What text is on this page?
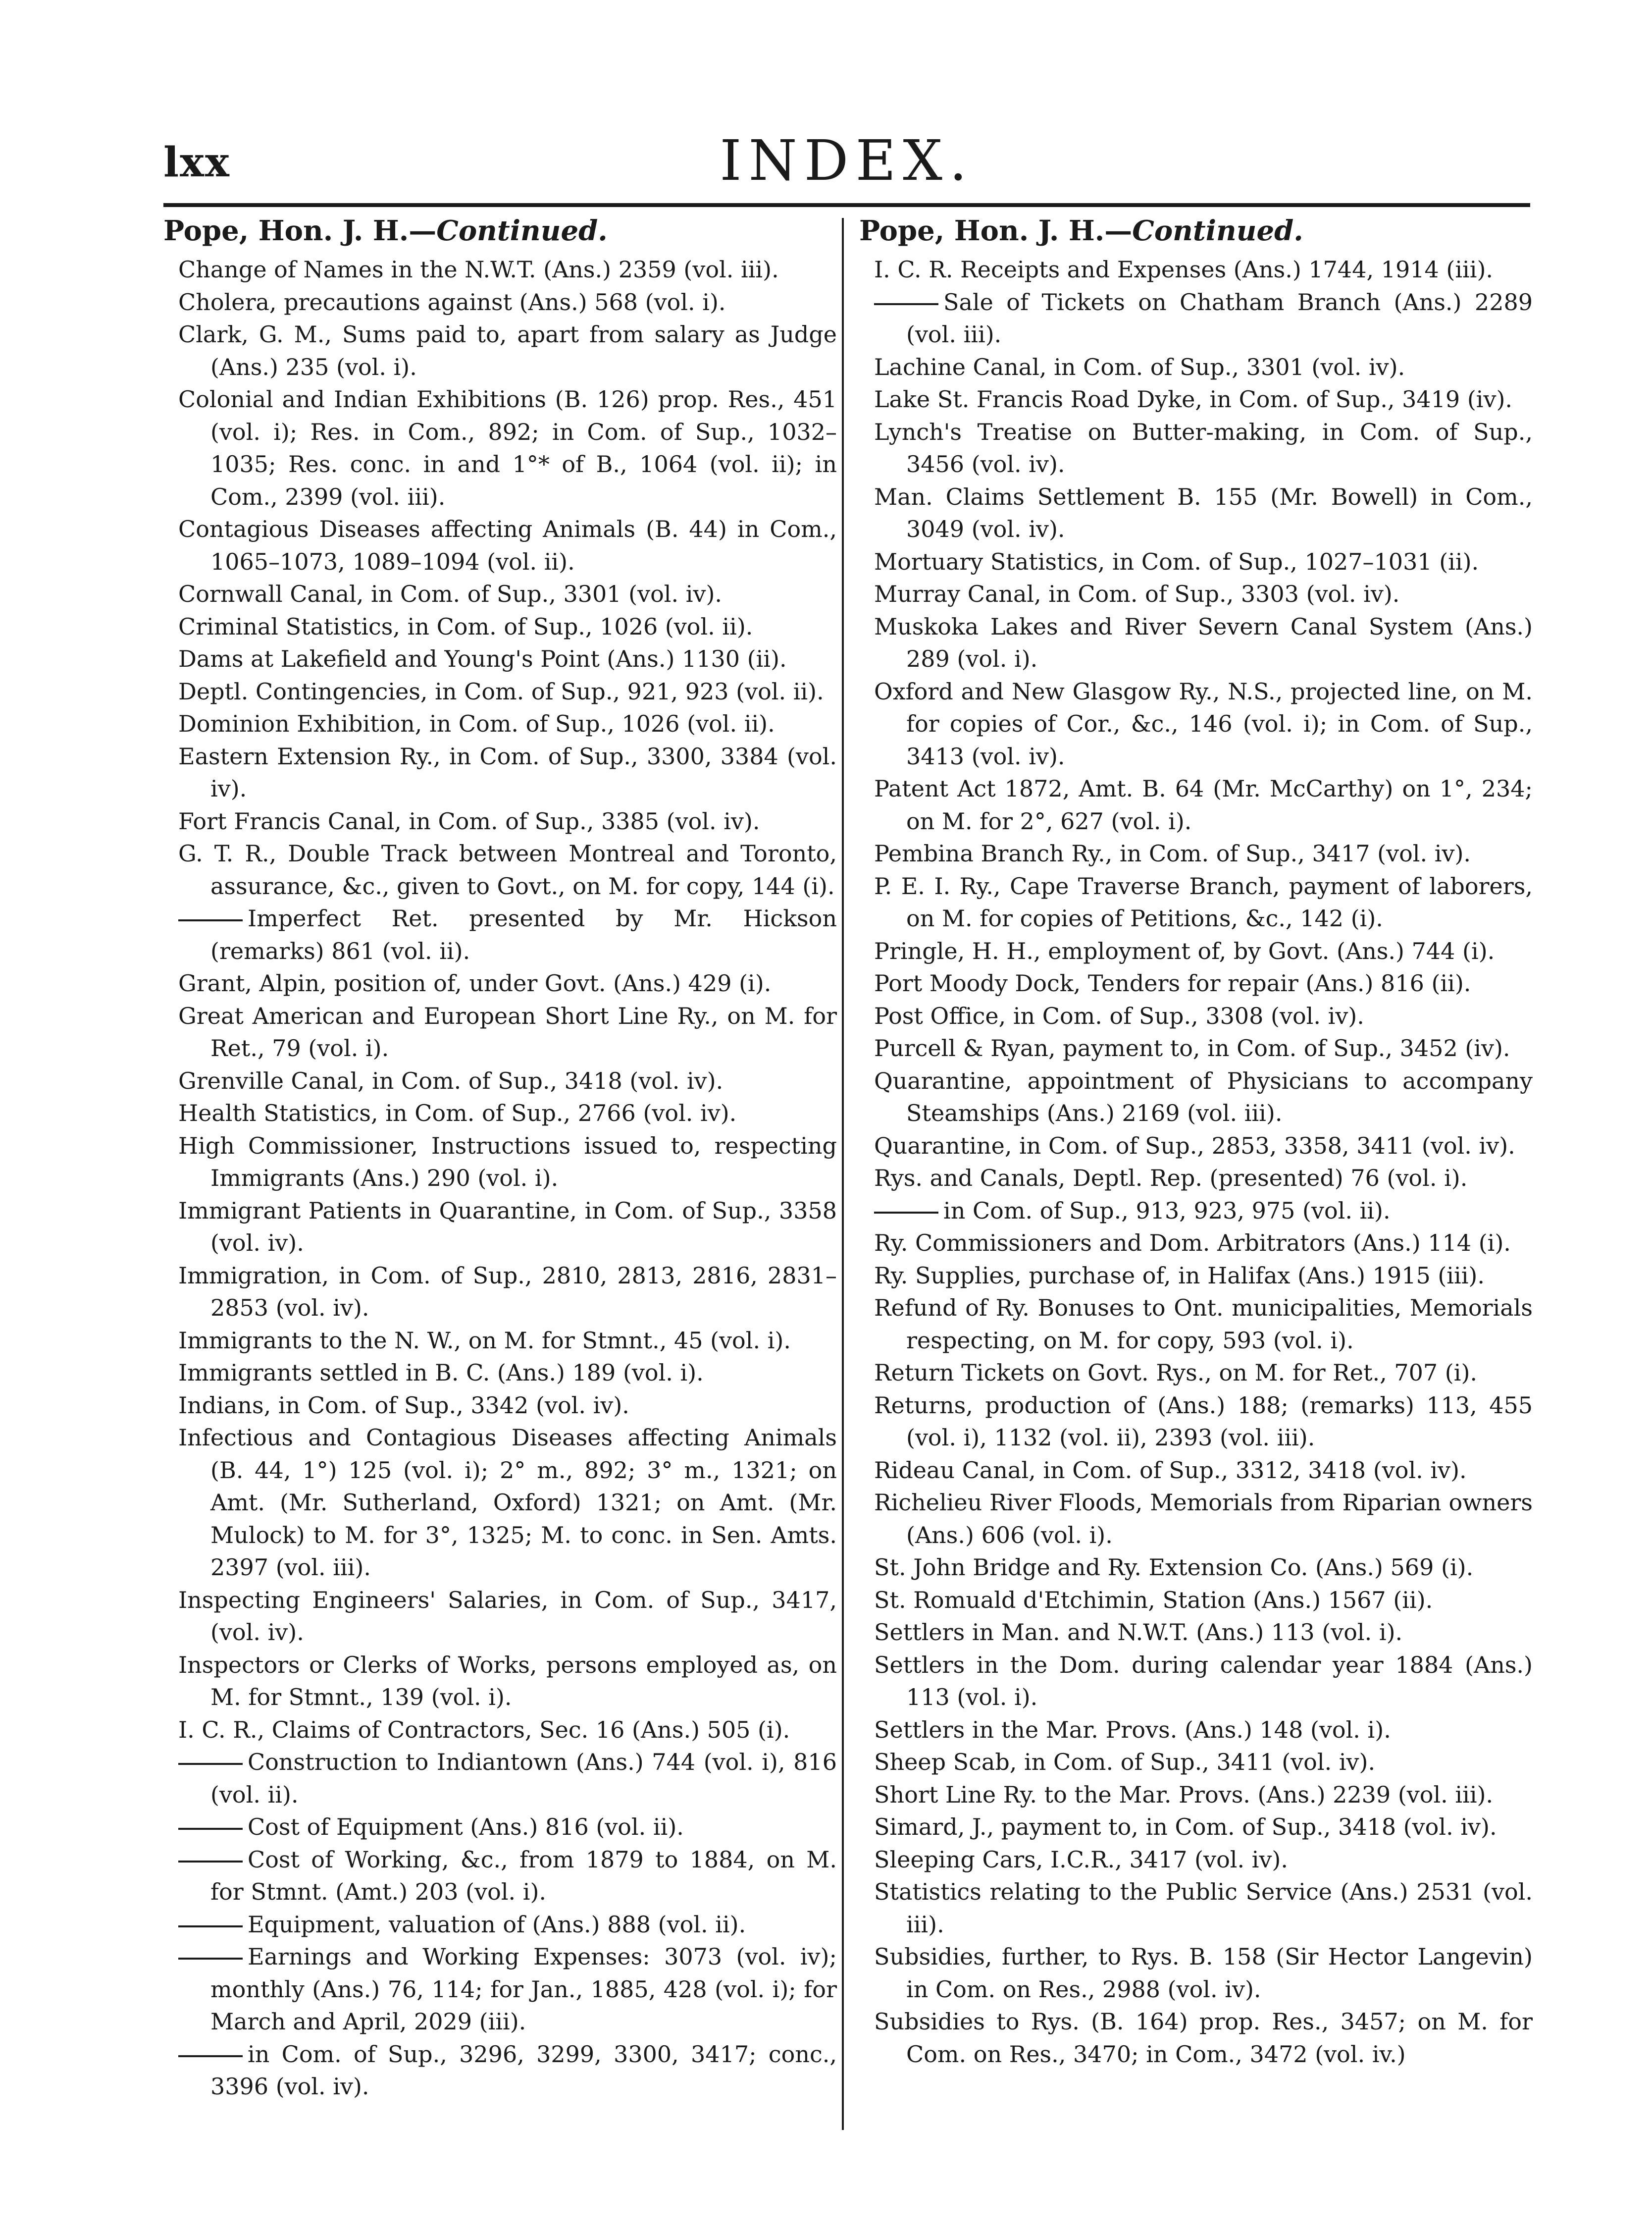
lxx	INDEX.
Pope, Hon. J. H.—Continued.
Change of Names in the N.W.T. (Ans.) 2359 (vol. iii).
Cholera, precautions against (Ans.) 568 (vol. i).
Clark, G. M., Sums paid to, apart from salary as Judge (Ans.) 235 (vol. i).
Colonial and Indian Exhibitions (B. 126) prop. Res., 451 (vol. i); Res. in Com., 892; in Com. of Sup., 1032–1035; Res. conc. in and 1°* of B., 1064 (vol. ii); in Com., 2399 (vol. iii).
Contagious Diseases affecting Animals (B. 44) in Com., 1065–1073, 1089–1094 (vol. ii).
Cornwall Canal, in Com. of Sup., 3301 (vol. iv).
Criminal Statistics, in Com. of Sup., 1026 (vol. ii).
Dams at Lakefield and Young's Point (Ans.) 1130 (ii).
Deptl. Contingencies, in Com. of Sup., 921, 923 (vol. ii).
Dominion Exhibition, in Com. of Sup., 1026 (vol. ii).
Eastern Extension Ry., in Com. of Sup., 3300, 3384 (vol. iv).
Fort Francis Canal, in Com. of Sup., 3385 (vol. iv).
G. T. R., Double Track between Montreal and Toronto, assurance, &c., given to Govt., on M. for copy, 144 (i).
Imperfect Ret. presented by Mr. Hickson (remarks) 861 (vol. ii).
Grant, Alpin, position of, under Govt. (Ans.) 429 (i).
Great American and European Short Line Ry., on M. for Ret., 79 (vol. i).
Grenville Canal, in Com. of Sup., 3418 (vol. iv).
Health Statistics, in Com. of Sup., 2766 (vol. iv).
High Commissioner, Instructions issued to, respecting Immigrants (Ans.) 290 (vol. i).
Immigrant Patients in Quarantine, in Com. of Sup., 3358 (vol. iv).
Immigration, in Com. of Sup., 2810, 2813, 2816, 2831–2853 (vol. iv).
Immigrants to the N. W., on M. for Stmnt., 45 (vol. i).
Immigrants settled in B. C. (Ans.) 189 (vol. i).
Indians, in Com. of Sup., 3342 (vol. iv).
Infectious and Contagious Diseases affecting Animals (B. 44, 1°) 125 (vol. i); 2° m., 892; 3° m., 1321; on Amt. (Mr. Sutherland, Oxford) 1321; on Amt. (Mr. Mulock) to M. for 3°, 1325; M. to conc. in Sen. Amts. 2397 (vol. iii).
Inspecting Engineers' Salaries, in Com. of Sup., 3417, (vol. iv).
Inspectors or Clerks of Works, persons employed as, on M. for Stmnt., 139 (vol. i).
I. C. R., Claims of Contractors, Sec. 16 (Ans.) 505 (i).
Construction to Indiantown (Ans.) 744 (vol. i), 816 (vol. ii).
Cost of Equipment (Ans.) 816 (vol. ii).
Cost of Working, &c., from 1879 to 1884, on M. for Stmnt. (Amt.) 203 (vol. i).
Equipment, valuation of (Ans.) 888 (vol. ii).
Earnings and Working Expenses: 3073 (vol. iv); monthly (Ans.) 76, 114; for Jan., 1885, 428 (vol. i); for March and April, 2029 (iii).
in Com. of Sup., 3296, 3299, 3300, 3417; conc., 3396 (vol. iv).
Pope, Hon. J. H.—Continued.
I. C. R. Receipts and Expenses (Ans.) 1744, 1914 (iii).
Sale of Tickets on Chatham Branch (Ans.) 2289 (vol. iii).
Lachine Canal, in Com. of Sup., 3301 (vol. iv).
Lake St. Francis Road Dyke, in Com. of Sup., 3419 (iv).
Lynch's Treatise on Butter-making, in Com. of Sup., 3456 (vol. iv).
Man. Claims Settlement B. 155 (Mr. Bowell) in Com., 3049 (vol. iv).
Mortuary Statistics, in Com. of Sup., 1027–1031 (ii).
Murray Canal, in Com. of Sup., 3303 (vol. iv).
Muskoka Lakes and River Severn Canal System (Ans.) 289 (vol. i).
Oxford and New Glasgow Ry., N.S., projected line, on M. for copies of Cor., &c., 146 (vol. i); in Com. of Sup., 3413 (vol. iv).
Patent Act 1872, Amt. B. 64 (Mr. McCarthy) on 1°, 234; on M. for 2°, 627 (vol. i).
Pembina Branch Ry., in Com. of Sup., 3417 (vol. iv).
P. E. I. Ry., Cape Traverse Branch, payment of laborers, on M. for copies of Petitions, &c., 142 (i).
Pringle, H. H., employment of, by Govt. (Ans.) 744 (i).
Port Moody Dock, Tenders for repair (Ans.) 816 (ii).
Post Office, in Com. of Sup., 3308 (vol. iv).
Purcell & Ryan, payment to, in Com. of Sup., 3452 (iv).
Quarantine, appointment of Physicians to accompany Steamships (Ans.) 2169 (vol. iii).
Quarantine, in Com. of Sup., 2853, 3358, 3411 (vol. iv).
Rys. and Canals, Deptl. Rep. (presented) 76 (vol. i).
in Com. of Sup., 913, 923, 975 (vol. ii).
Ry. Commissioners and Dom. Arbitrators (Ans.) 114 (i).
Ry. Supplies, purchase of, in Halifax (Ans.) 1915 (iii).
Refund of Ry. Bonuses to Ont. municipalities, Memorials respecting, on M. for copy, 593 (vol. i).
Return Tickets on Govt. Rys., on M. for Ret., 707 (i).
Returns, production of (Ans.) 188; (remarks) 113, 455 (vol. i), 1132 (vol. ii), 2393 (vol. iii).
Rideau Canal, in Com. of Sup., 3312, 3418 (vol. iv).
Richelieu River Floods, Memorials from Riparian owners (Ans.) 606 (vol. i).
St. John Bridge and Ry. Extension Co. (Ans.) 569 (i).
St. Romuald d'Etchimin, Station (Ans.) 1567 (ii).
Settlers in Man. and N.W.T. (Ans.) 113 (vol. i).
Settlers in the Dom. during calendar year 1884 (Ans.) 113 (vol. i).
Settlers in the Mar. Provs. (Ans.) 148 (vol. i).
Sheep Scab, in Com. of Sup., 3411 (vol. iv).
Short Line Ry. to the Mar. Provs. (Ans.) 2239 (vol. iii).
Simard, J., payment to, in Com. of Sup., 3418 (vol. iv).
Sleeping Cars, I.C.R., 3417 (vol. iv).
Statistics relating to the Public Service (Ans.) 2531 (vol. iii).
Subsidies, further, to Rys. B. 158 (Sir Hector Langevin) in Com. on Res., 2988 (vol. iv).
Subsidies to Rys. (B. 164) prop. Res., 3457; on M. for Com. on Res., 3470; in Com., 3472 (vol. iv.)
